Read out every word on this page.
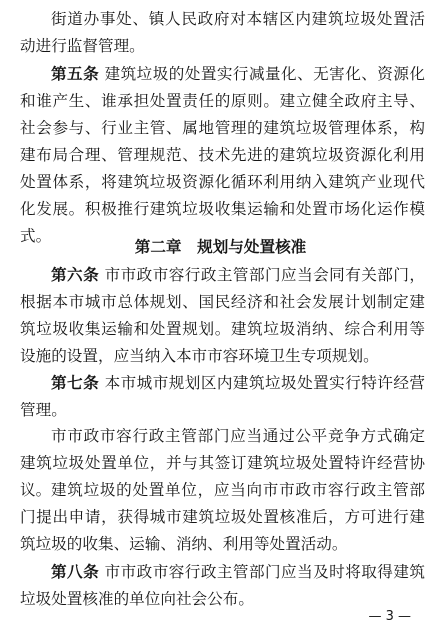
街道办事处、镇人民政府对本辖区内建筑垃圾处置活动进行监督管理。
第五条 建筑垃圾的处置实行减量化、无害化、资源化和谁产生、谁承担处置责任的原则。建立健全政府主导、社会参与、行业主管、属地管理的建筑垃圾管理体系，构建布局合理、管理规范、技术先进的建筑垃圾资源化利用处置体系，将建筑垃圾资源化循环利用纳入建筑产业现代化发展。积极推行建筑垃圾收集运输和处置市场化运作模式。
第二章　规划与处置核准
第六条 市市政市容行政主管部门应当会同有关部门，根据本市城市总体规划、国民经济和社会发展计划制定建筑垃圾收集运输和处置规划。建筑垃圾消纳、综合利用等设施的设置，应当纳入本市市容环境卫生专项规划。
第七条 本市城市规划区内建筑垃圾处置实行特许经营管理。
市市政市容行政主管部门应当通过公平竞争方式确定建筑垃圾处置单位，并与其签订建筑垃圾处置特许经营协议。 建筑垃圾的处置单位，应当向市市政市容行政主管部门提出申请，获得城市建筑垃圾处置核准后，方可进行建筑垃圾的收集、运输、消纳、利用等处置活动。
第八条 市市政市容行政主管部门应当及时将取得建筑垃圾处置核准的单位向社会公布。
— 3 —
